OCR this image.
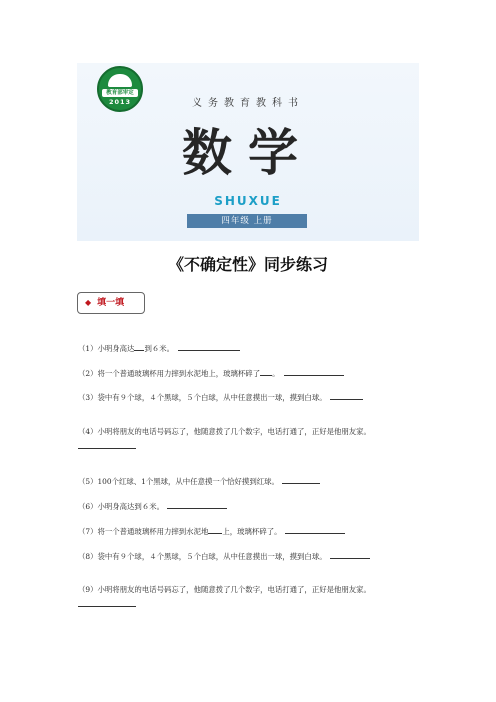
教育部审定
2013	义务教育教科书
数学
SHUXUE
四年级 上册
《不确定性》同步练习
◆ 填一填
（1）小明身高达 到６米。
（2）将一个普通玻璃杯用力摔到水泥地上，玻璃杯碎了 。
（3）袋中有９个球，４个黑球，５个白球，从中任意摸出一球，摸到白球。
（4）小明将朋友的电话号码忘了，他随意拨了几个数字，电话打通了，正好是他朋友家。

（5）100个红球、1个黑球，从中任意摸一个恰好摸到红球。
（6）小明身高达到６米。
（7）将一个普通玻璃杯用力摔到水泥地 上，玻璃杯碎了。
（8）袋中有９个球，４个黑球，５个白球，从中任意摸出一球，摸到白球。
（9）小明将朋友的电话号码忘了，他随意拨了几个数字，电话打通了，正好是他朋友家。
